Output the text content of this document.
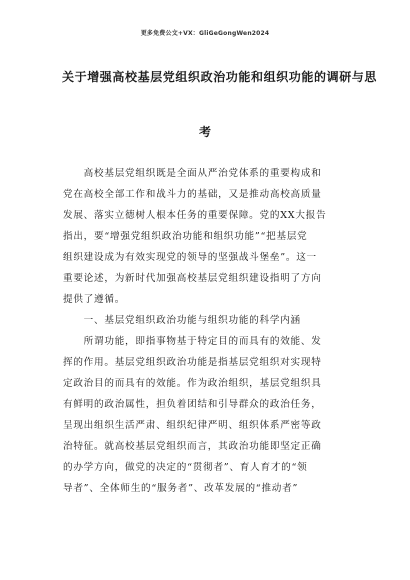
更多免费公文+VX：GliGeGongWen2024
关于增强高校基层党组织政治功能和组织功能的调研与思
考
　　高校基层党组织既是全面从严治党体系的重要构成和
党在高校全部工作和战斗力的基础，又是推动高校高质量
发展、落实立德树人根本任务的重要保障。党的XX大报告
指出，要“增强党组织政治功能和组织功能”“把基层党
组织建设成为有效实现党的领导的坚强战斗堡垒”。这一
重要论述，为新时代加强高校基层党组织建设指明了方向
提供了遵循。
　　一、基层党组织政治功能与组织功能的科学内涵
　　所谓功能，即指事物基于特定目的而具有的效能、发
挥的作用。基层党组织政治功能是指基层党组织对实现特
定政治目的而具有的效能。作为政治组织，基层党组织具
有鲜明的政治属性，担负着团结和引导群众的政治任务，
呈现出组织生活严肃、组织纪律严明、组织体系严密等政
治特征。就高校基层党组织而言，其政治功能即坚定正确
的办学方向，做党的决定的“贯彻者”、育人育才的“领
导者”、全体师生的“服务者”、改革发展的“推动者”
